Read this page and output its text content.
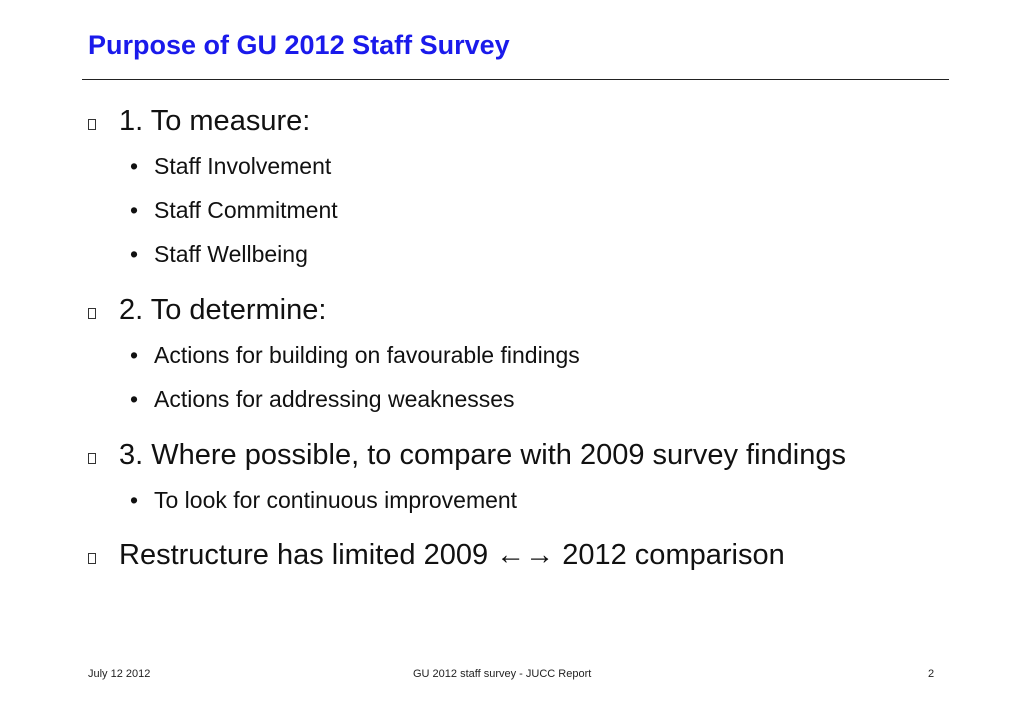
Purpose of GU 2012 Staff Survey
1. To measure:
• Staff Involvement
• Staff Commitment
• Staff Wellbeing
2. To determine:
• Actions for building on favourable findings
• Actions for addressing weaknesses
3. Where possible, to compare with 2009 survey findings
• To look for continuous improvement
Restructure has limited 2009 ←→ 2012 comparison
July 12 2012	GU 2012 staff survey - JUCC Report	2
